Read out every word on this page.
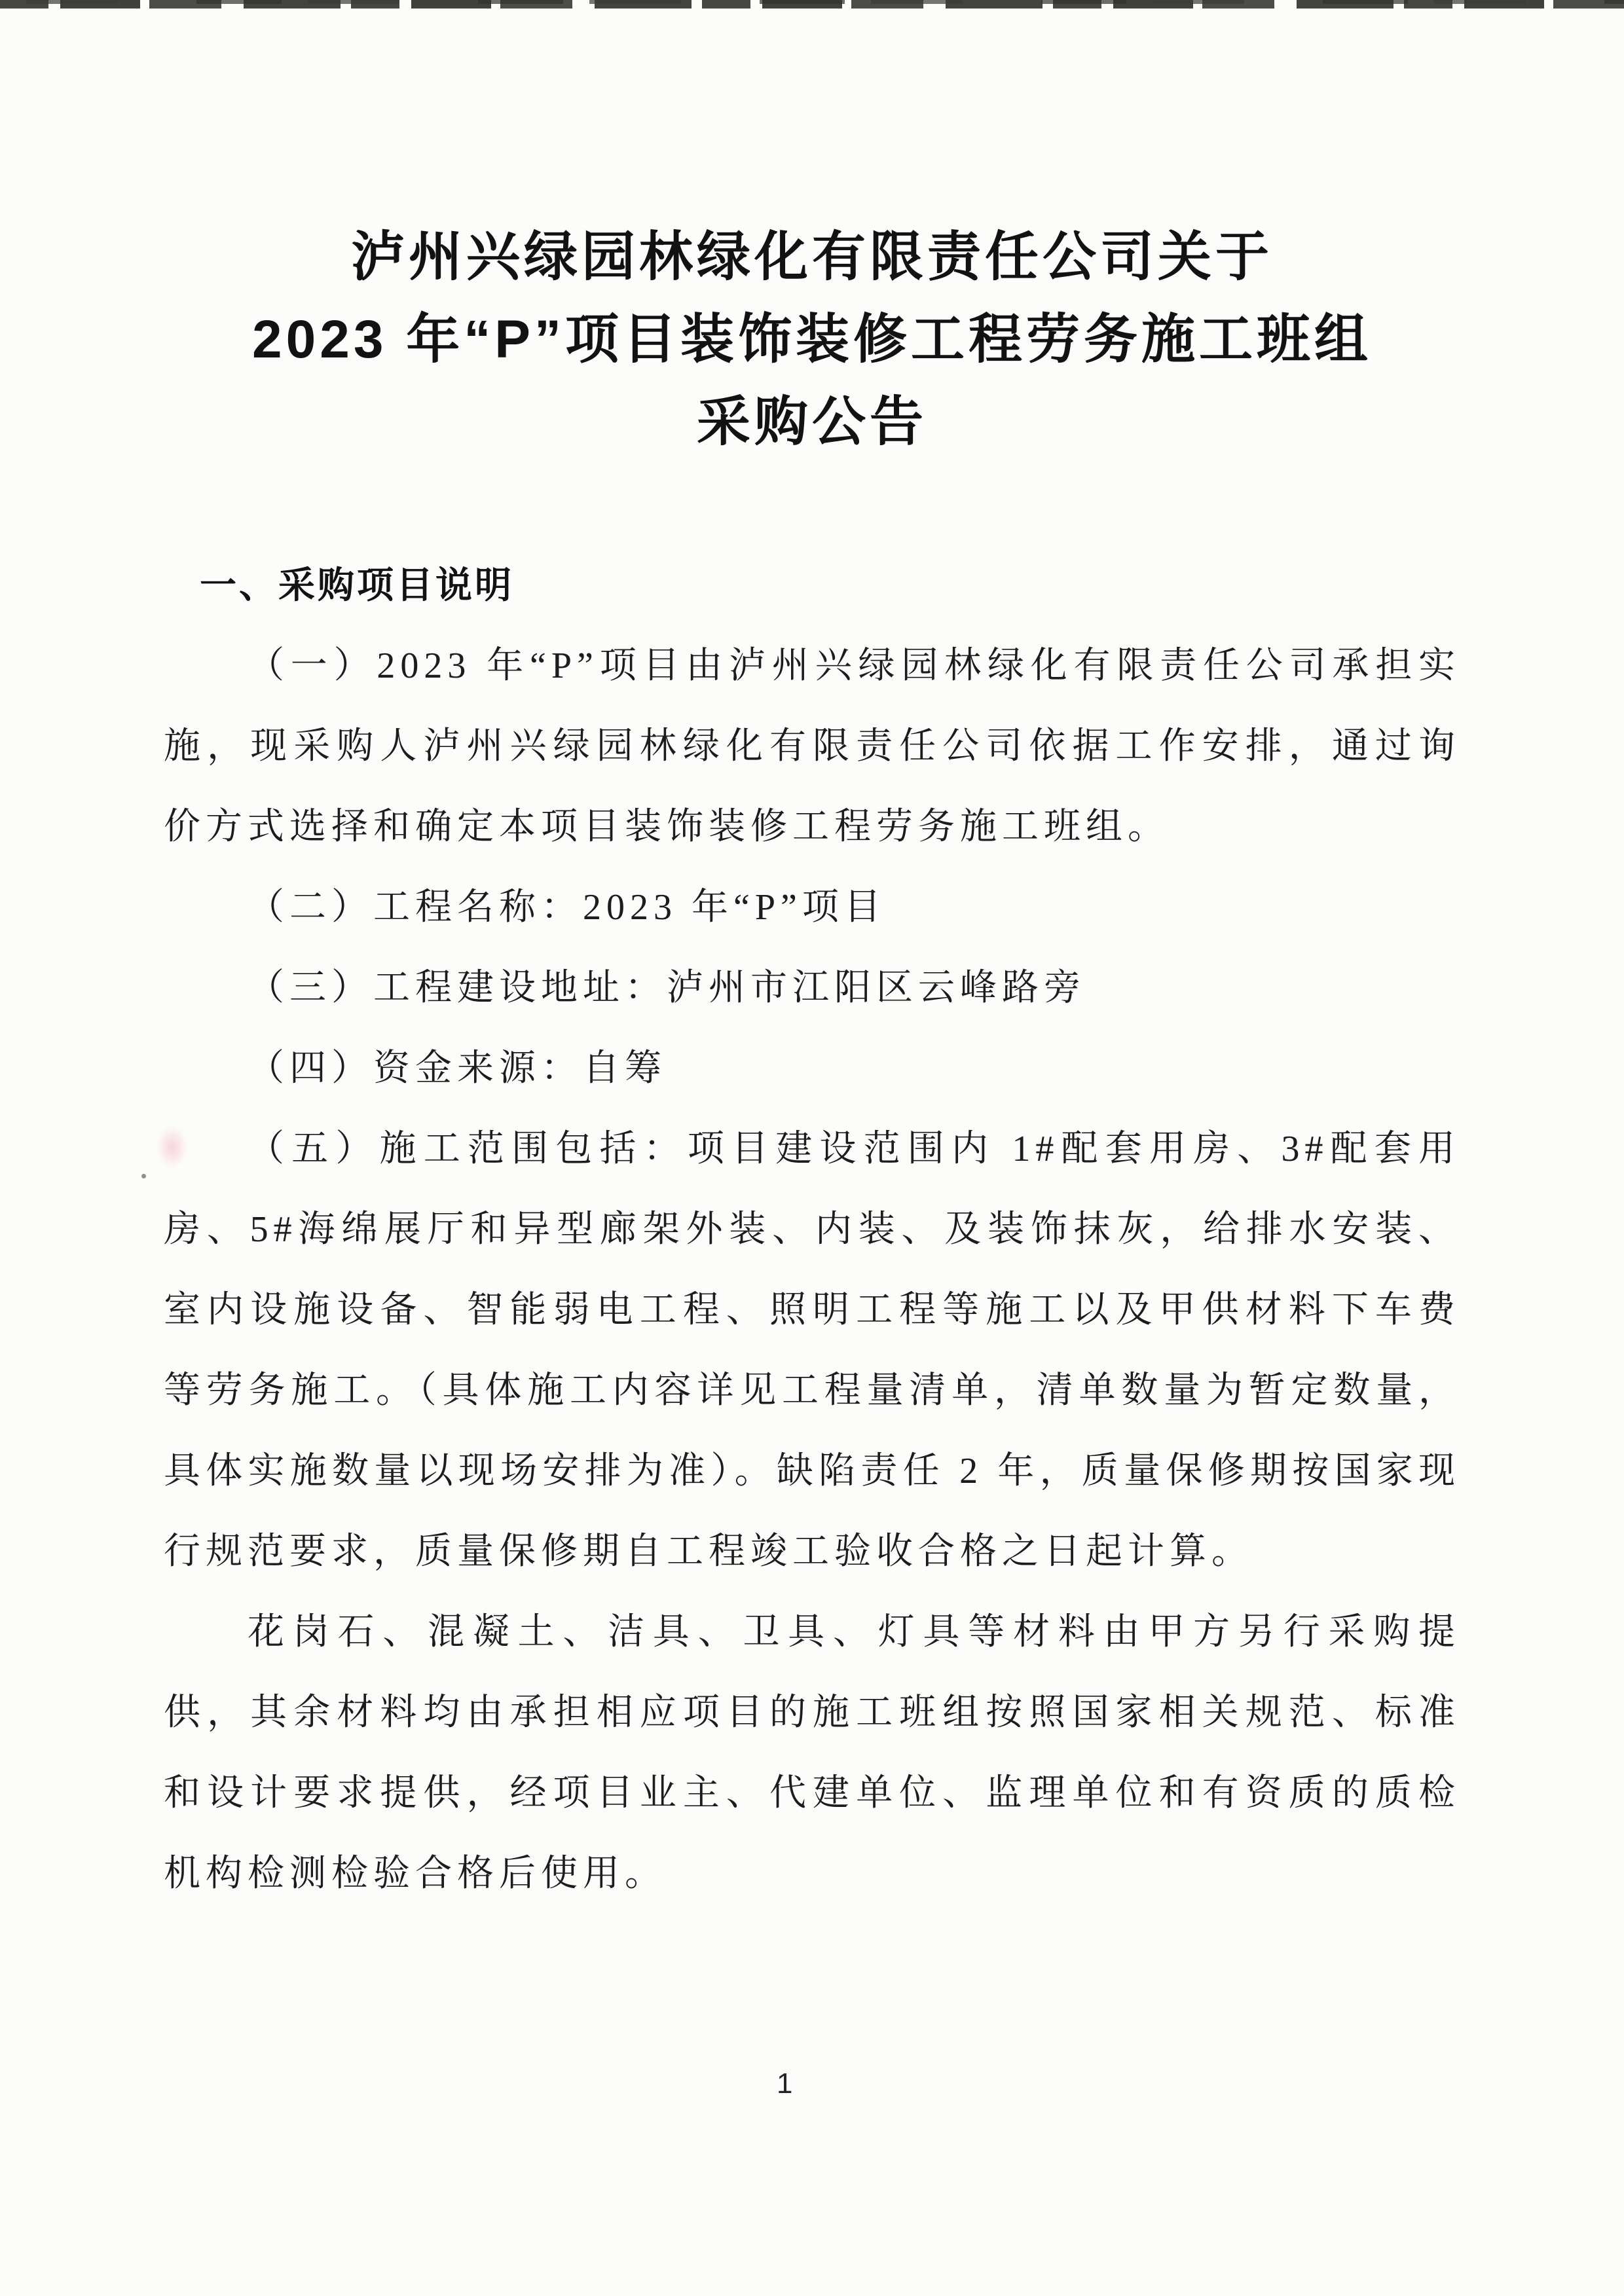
泸州兴绿园林绿化有限责任公司关于
2023 年“P”项目装饰装修工程劳务施工班组
采购公告
一、采购项目说明

（一）2023 年“P”项目由泸州兴绿园林绿化有限责任公司承担实施，现采购人泸州兴绿园林绿化有限责任公司依据工作安排，通过询价方式选择和确定本项目装饰装修工程劳务施工班组。

（二）工程名称：2023 年“P”项目

（三）工程建设地址：泸州市江阳区云峰路旁

（四）资金来源：自筹

（五）施工范围包括：项目建设范围内 1#配套用房、3#配套用房、5#海绵展厅和异型廊架外装、内装、及装饰抹灰，给排水安装、室内设施设备、智能弱电工程、照明工程等施工以及甲供材料下车费等劳务施工。（具体施工内容详见工程量清单，清单数量为暂定数量，具体实施数量以现场安排为准）。缺陷责任 2 年，质量保修期按国家现行规范要求，质量保修期自工程竣工验收合格之日起计算。

花岗石、混凝土、洁具、卫具、灯具等材料由甲方另行采购提供，其余材料均由承担相应项目的施工班组按照国家相关规范、标准和设计要求提供，经项目业主、代建单位、监理单位和有资质的质检机构检测检验合格后使用。

1
